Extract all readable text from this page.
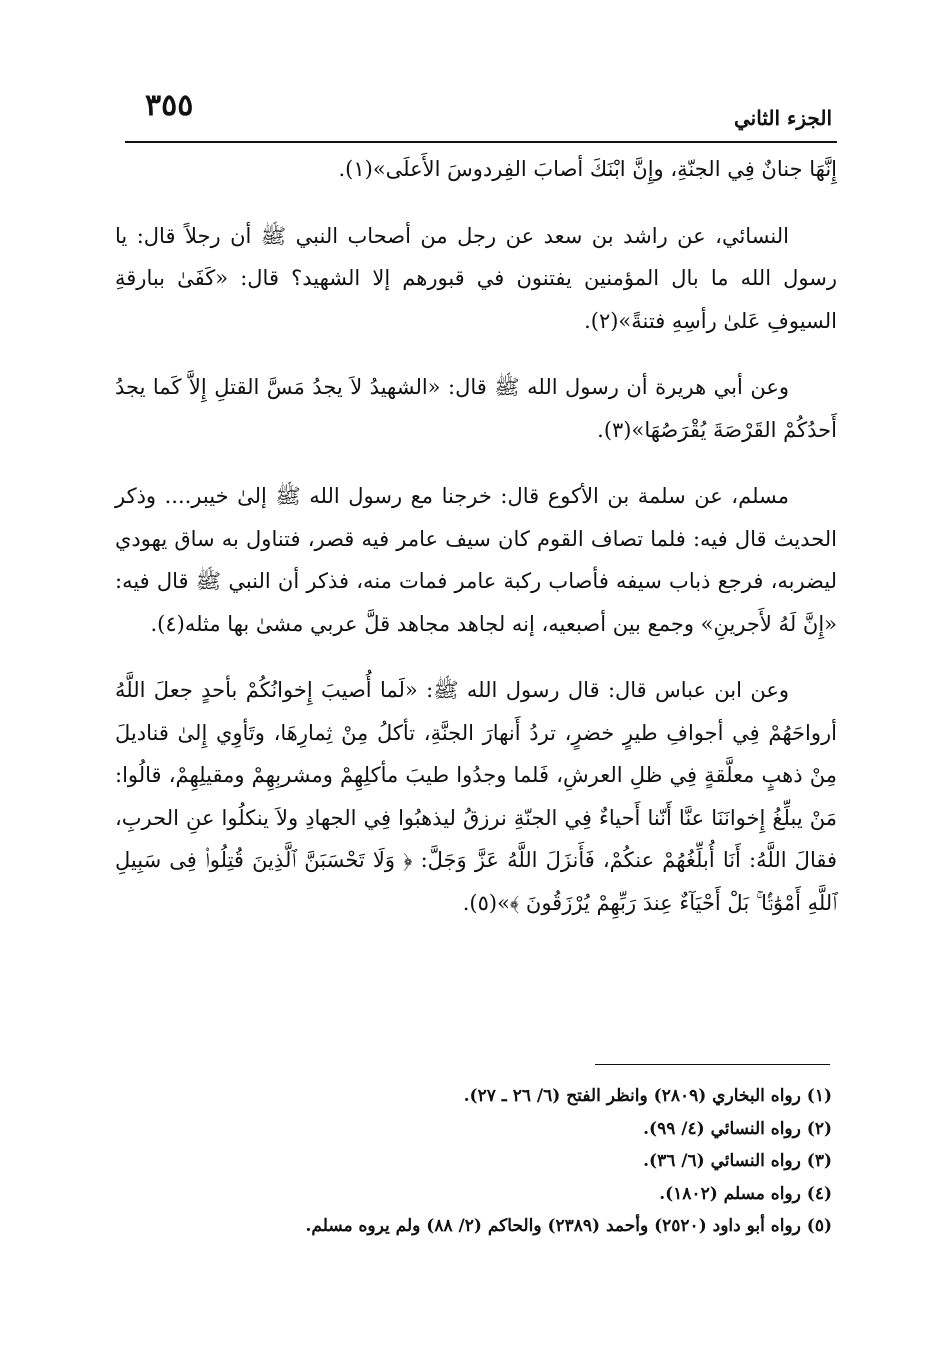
٣٥٥	الجزء الثاني

إِنَّهَا جنانٌ فِي الجنّةِ، وإِنَّ ابْنَكَ أصابَ الفِردوسَ الأَعلَى»(١).

النسائي، عن راشد بن سعد عن رجل من أصحاب النبي ﷺ أن رجلاً قال: يا رسول الله ما بال المؤمنين يفتنون في قبورهم إلا الشهيد؟ قال: «كَفَىٰ ببارقةِ السيوفِ عَلىٰ رأسِهِ فتنةً»(٢).

وعن أبي هريرة أن رسول الله ﷺ قال: «الشهيدُ لاَ يجدُ مَسَّ القتلِ إِلاَّ كَما يجدُ أَحدُكُمْ القَرْصَةَ يُقْرَصُهَا»(٣).

مسلم، عن سلمة بن الأكوع قال: خرجنا مع رسول الله ﷺ إلىٰ خيبر.... وذكر الحديث قال فيه: فلما تصاف القوم كان سيف عامر فيه قصر، فتناول به ساق يهودي ليضربه، فرجع ذباب سيفه فأصاب ركبة عامر فمات منه، فذكر أن النبي ﷺ قال فيه: «إِنَّ لَهُ لأَجرينِ» وجمع بين أصبعيه، إنه لجاهد مجاهد قلَّ عربي مشىٰ بها مثله(٤).

وعن ابن عباس قال: قال رسول الله ﷺ: «لَما أُصيبَ إِخوانُكُمْ بأحدٍ جعلَ اللَّهُ أرواحَهُمْ فِي أجوافِ طيرٍ خضرٍ، تردُ أَنهارَ الجنَّةِ، تأكلُ مِنْ ثِمارِهَا، وتَأوِي إِلىٰ قناديلَ مِنْ ذهبٍ معلَّقةٍ فِي ظلِ العرشِ، فَلما وجدُوا طيبَ مأكلِهِمْ ومشربِهِمْ ومقيلِهِمْ، قالُوا: مَنْ يبلِّغُ إِخوانَنَا عنَّا أَنّنا أَحياءٌ فِي الجنّةِ نرزقُ ليذهبُوا فِي الجهادِ ولاَ ينكلُوا عنِ الحربِ، فقالَ اللَّهُ: أَنَا أُبلِّغُهُمْ عنكُمْ، فَأَنزَلَ اللَّهُ عَزَّ وَجَلَّ: ﴿ وَلَا تَحْسَبَنَّ ٱلَّذِينَ قُتِلُوا۟ فِى سَبِيلِ ٱللَّهِ أَمْوَٰتًۢا ۚ بَلْ أَحْيَآءٌ عِندَ رَبِّهِمْ يُرْزَقُونَ ﴾»(٥).

(١) رواه البخاري (٢٨٠٩) وانظر الفتح (٦/ ٢٦ ـ ٢٧).

(٢) رواه النسائي (٤/ ٩٩).

(٣) رواه النسائي (٦/ ٣٦).

(٤) رواه مسلم (١٨٠٢).

(٥) رواه أبو داود (٢٥٢٠) وأحمد (٢٣٨٩) والحاكم (٢/ ٨٨) ولم يروه مسلم.
